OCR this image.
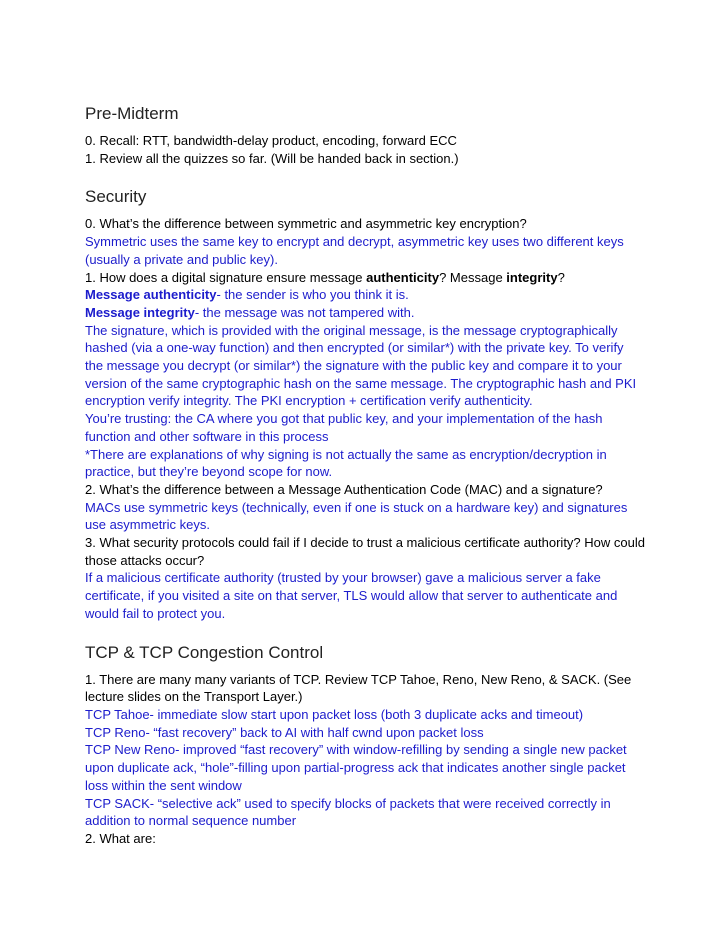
Pre-Midterm

0. Recall: RTT, bandwidth-delay product, encoding, forward ECC

1. Review all the quizzes so far. (Will be handed back in section.)

Security

0. What’s the difference between symmetric and asymmetric key encryption?

Symmetric uses the same key to encrypt and decrypt, asymmetric key uses two different keys (usually a private and public key).

1. How does a digital signature ensure message authenticity? Message integrity?

Message authenticity- the sender is who you think it is.

Message integrity- the message was not tampered with.

The signature, which is provided with the original message, is the message cryptographically hashed (via a one-way function) and then encrypted (or similar*) with the private key. To verify the message you decrypt (or similar*) the signature with the public key and compare it to your version of the same cryptographic hash on the same message. The cryptographic hash and PKI encryption verify integrity. The PKI encryption + certification verify authenticity.

You’re trusting: the CA where you got that public key, and your implementation of the hash function and other software in this process

*There are explanations of why signing is not actually the same as encryption/decryption in practice, but they’re beyond scope for now.

2. What’s the difference between a Message Authentication Code (MAC) and a signature?

MACs use symmetric keys (technically, even if one is stuck on a hardware key) and signatures use asymmetric keys.

3. What security protocols could fail if I decide to trust a malicious certificate authority? How could those attacks occur?

If a malicious certificate authority (trusted by your browser) gave a malicious server a fake certificate, if you visited a site on that server, TLS would allow that server to authenticate and would fail to protect you.

TCP & TCP Congestion Control

1. There are many many variants of TCP. Review TCP Tahoe, Reno, New Reno, & SACK. (See lecture slides on the Transport Layer.)

TCP Tahoe- immediate slow start upon packet loss (both 3 duplicate acks and timeout)

TCP Reno- “fast recovery” back to AI with half cwnd upon packet loss

TCP New Reno- improved “fast recovery” with window-refilling by sending a single new packet upon duplicate ack, “hole”-filling upon partial-progress ack that indicates another single packet loss within the sent window

TCP SACK- “selective ack” used to specify blocks of packets that were received correctly in addition to normal sequence number

2. What are:
